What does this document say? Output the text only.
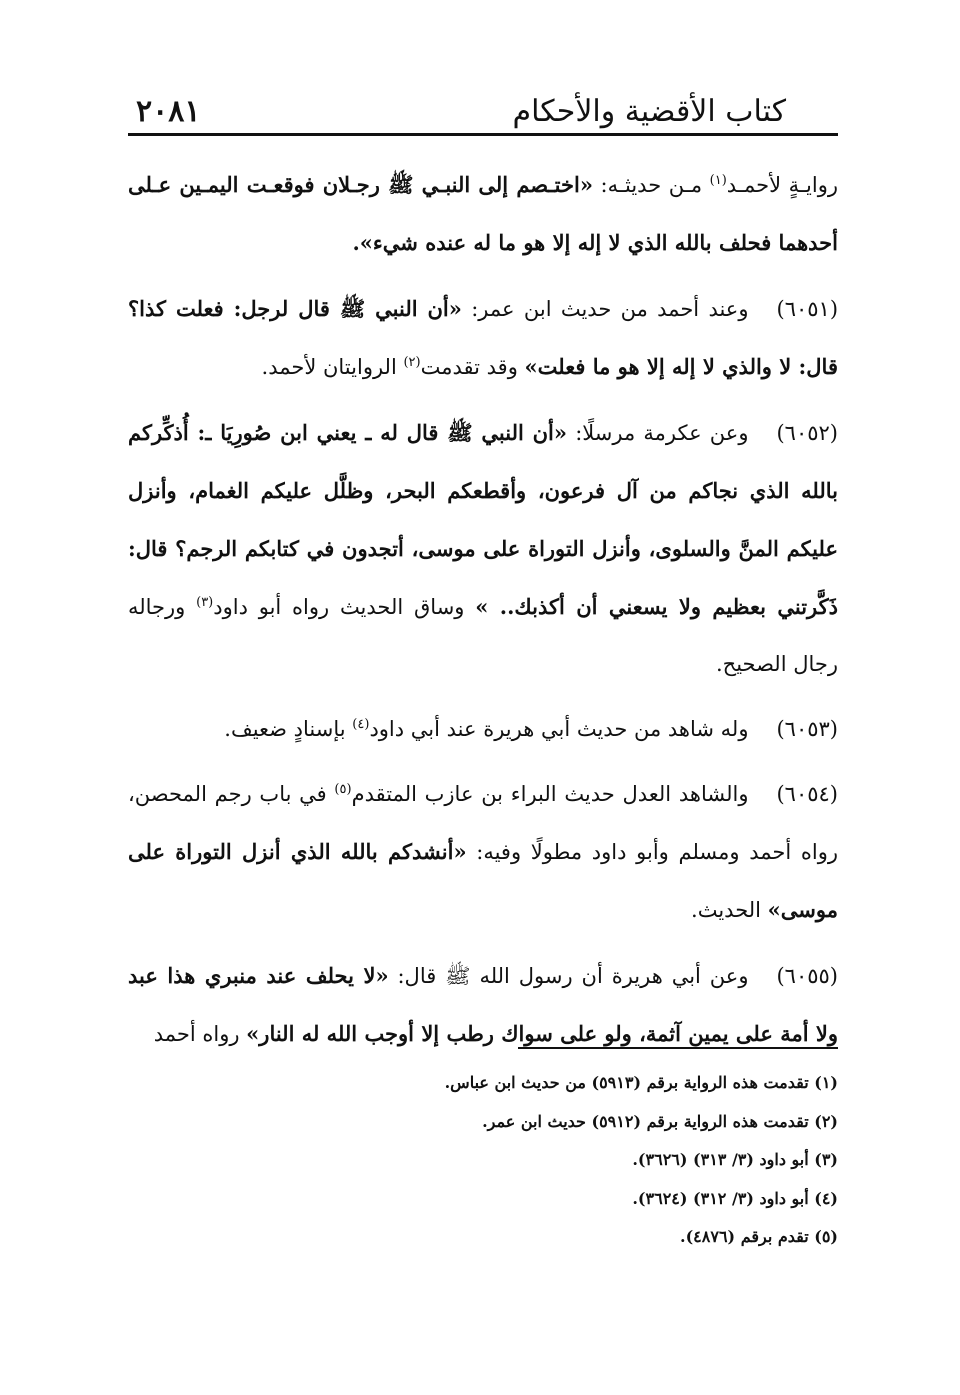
كتاب الأقضية والأحكام
٢٠٨١

روايـةٍ لأحمـد$^{(١)}$ مـن حديثـه: «اختـصم إلى النبـي ﷺ رجـلان فوقعـت اليمـين عـلى أحدهما فحلف بالله الذي لا إله إلا هو ما له عنده شيء».

(٦٠٥١)وعند أحمد من حديث ابن عمر: «أن النبي ﷺ قال لرجل: فعلت كذا؟ قال: لا والذي لا إله إلا هو ما فعلت» وقد تقدمت$^{(٢)}$ الروايتان لأحمد.

(٦٠٥٢)وعن عكرمة مرسلًا: «أن النبي ﷺ قال له ـ يعني ابن صُورِيَا ـ: أُذكِّركم بالله الذي نجاكم من آل فرعون، وأقطعكم البحر، وظلَّل عليكم الغمام، وأنزل عليكم المنَّ والسلوى، وأنزل التوراة على موسى، أتجدون في كتابكم الرجم؟ قال: ذَكَّرتني بعظيم ولا يسعني أن أكذبك.. » وساق الحديث رواه أبو داود$^{(٣)}$ ورجاله رجال الصحيح.

(٦٠٥٣)وله شاهد من حديث أبي هريرة عند أبي داود$^{(٤)}$ بإسنادٍ ضعيف.

(٦٠٥٤)والشاهد العدل حديث البراء بن عازب المتقدم$^{(٥)}$ في باب رجم المحصن، رواه أحمد ومسلم وأبو داود مطولًا وفيه: «أنشدكم بالله الذي أنزل التوراة على موسى» الحديث.

(٦٠٥٥)وعن أبي هريرة أن رسول الله ﷺ قال: «لا يحلف عند منبري هذا عبد ولا أمة على يمين آثمة، ولو على سواك رطب إلا أوجب الله له النار» رواه أحمد

(١) تقدمت هذه الرواية برقم (٥٩١٣) من حديث ابن عباس.

(٢) تقدمت هذه الرواية برقم (٥٩١٢) حديث ابن عمر.

(٣) أبو داود (٣/ ٣١٣) (٣٦٢٦).

(٤) أبو داود (٣/ ٣١٢) (٣٦٢٤).

(٥) تقدم برقم (٤٨٧٦).
